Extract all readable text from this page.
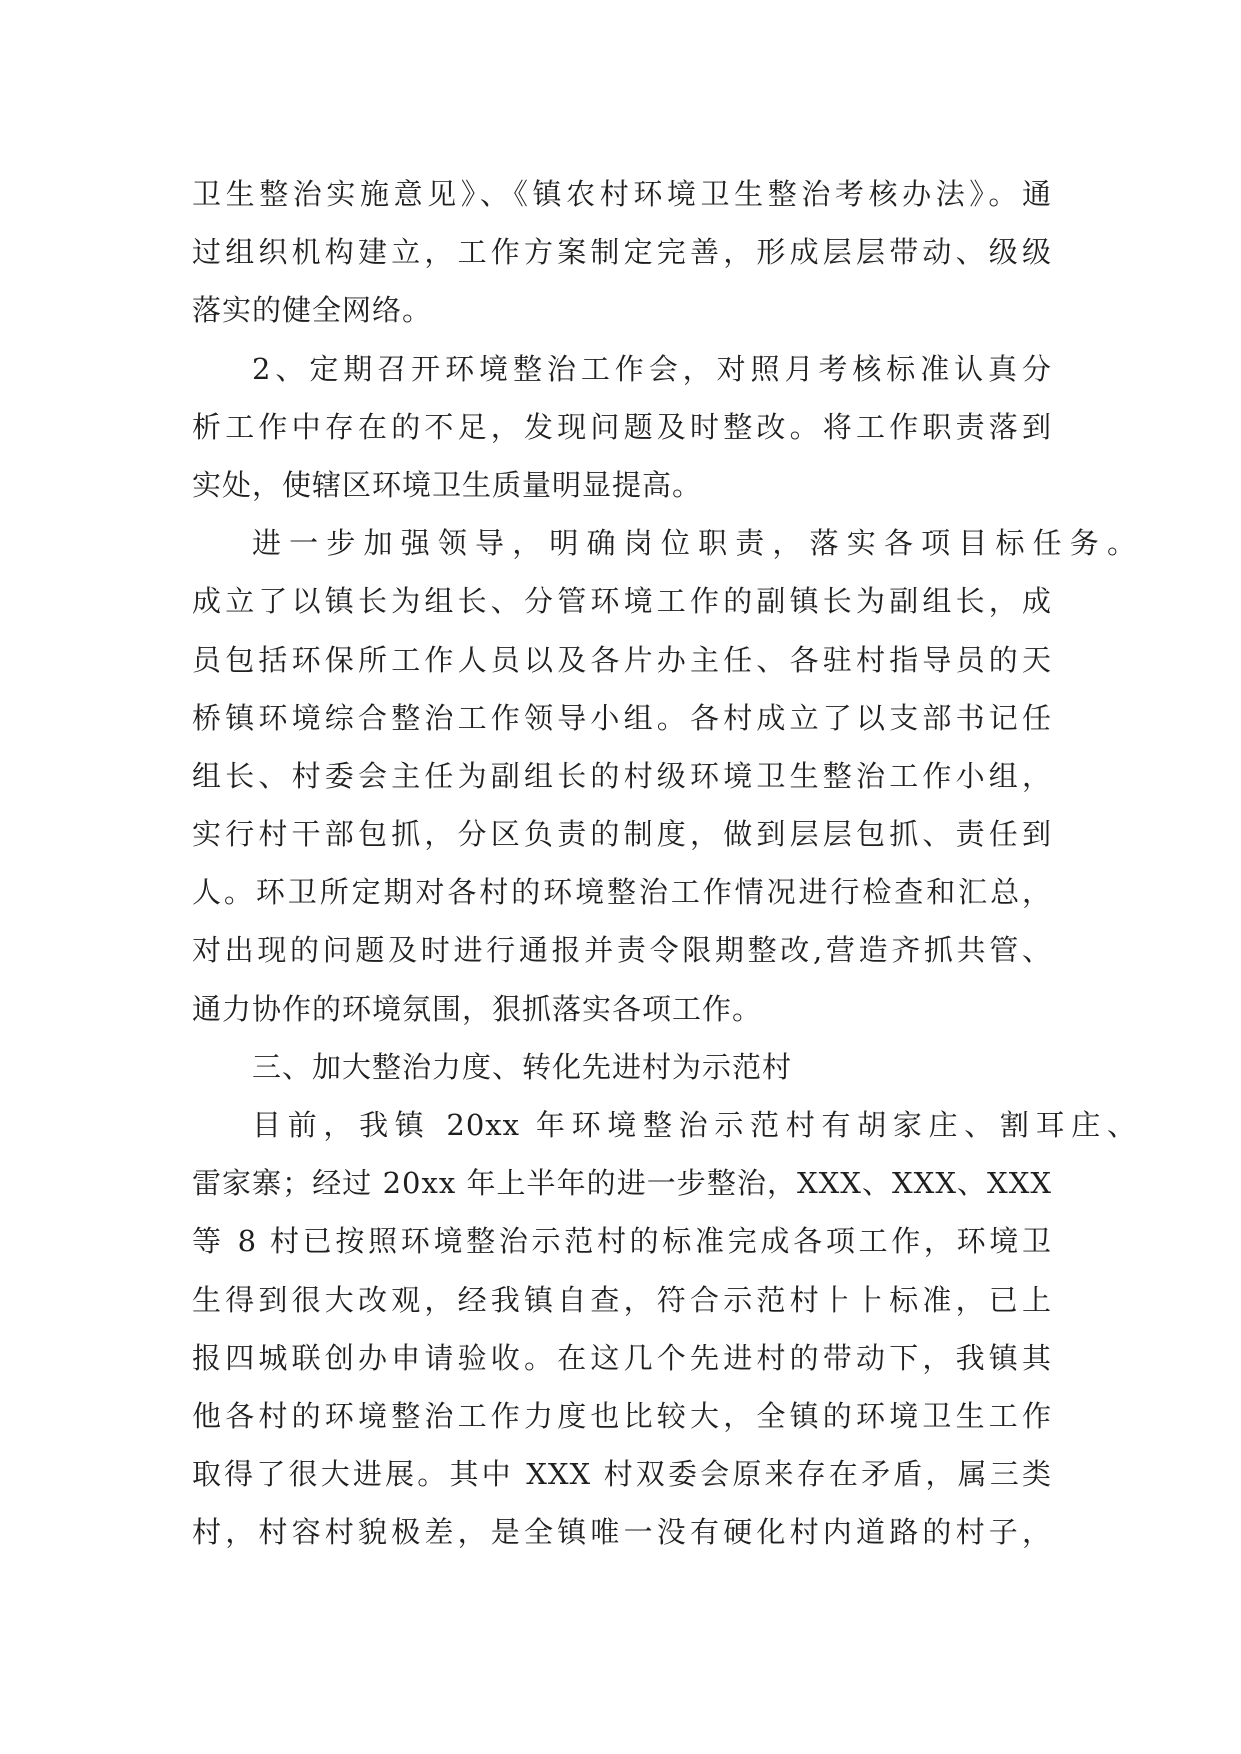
卫生整治实施意见》、《镇农村环境卫生整治考核办法》。通
过组织机构建立，工作方案制定完善，形成层层带动、级级
落实的健全网络。
2、定期召开环境整治工作会，对照月考核标准认真分
析工作中存在的不足，发现问题及时整改。将工作职责落到
实处，使辖区环境卫生质量明显提高。
进一步加强领导，明确岗位职责，落实各项目标任务。
成立了以镇长为组长、分管环境工作的副镇长为副组长，成
员包括环保所工作人员以及各片办主任、各驻村指导员的天
桥镇环境综合整治工作领导小组。各村成立了以支部书记任
组长、村委会主任为副组长的村级环境卫生整治工作小组，
实行村干部包抓，分区负责的制度，做到层层包抓、责任到
人。环卫所定期对各村的环境整治工作情况进行检查和汇总，
对出现的问题及时进行通报并责令限期整改,营造齐抓共管、
通力协作的环境氛围，狠抓落实各项工作。
三、加大整治力度、转化先进村为示范村
目前，我镇 20xx 年环境整治示范村有胡家庄、割耳庄、
雷家寨；经过 20xx 年上半年的进一步整治，XXX、XXX、XXX
等 8 村已按照环境整治示范村的标准完成各项工作，环境卫
生得到很大改观，经我镇自查，符合示范村⺊⺊标准，已上
报四城联创办申请验收。在这几个先进村的带动下，我镇其
他各村的环境整治工作力度也比较大，全镇的环境卫生工作
取得了很大进展。其中 XXX 村双委会原来存在矛盾，属三类
村，村容村貌极差，是全镇唯一没有硬化村内道路的村子，
